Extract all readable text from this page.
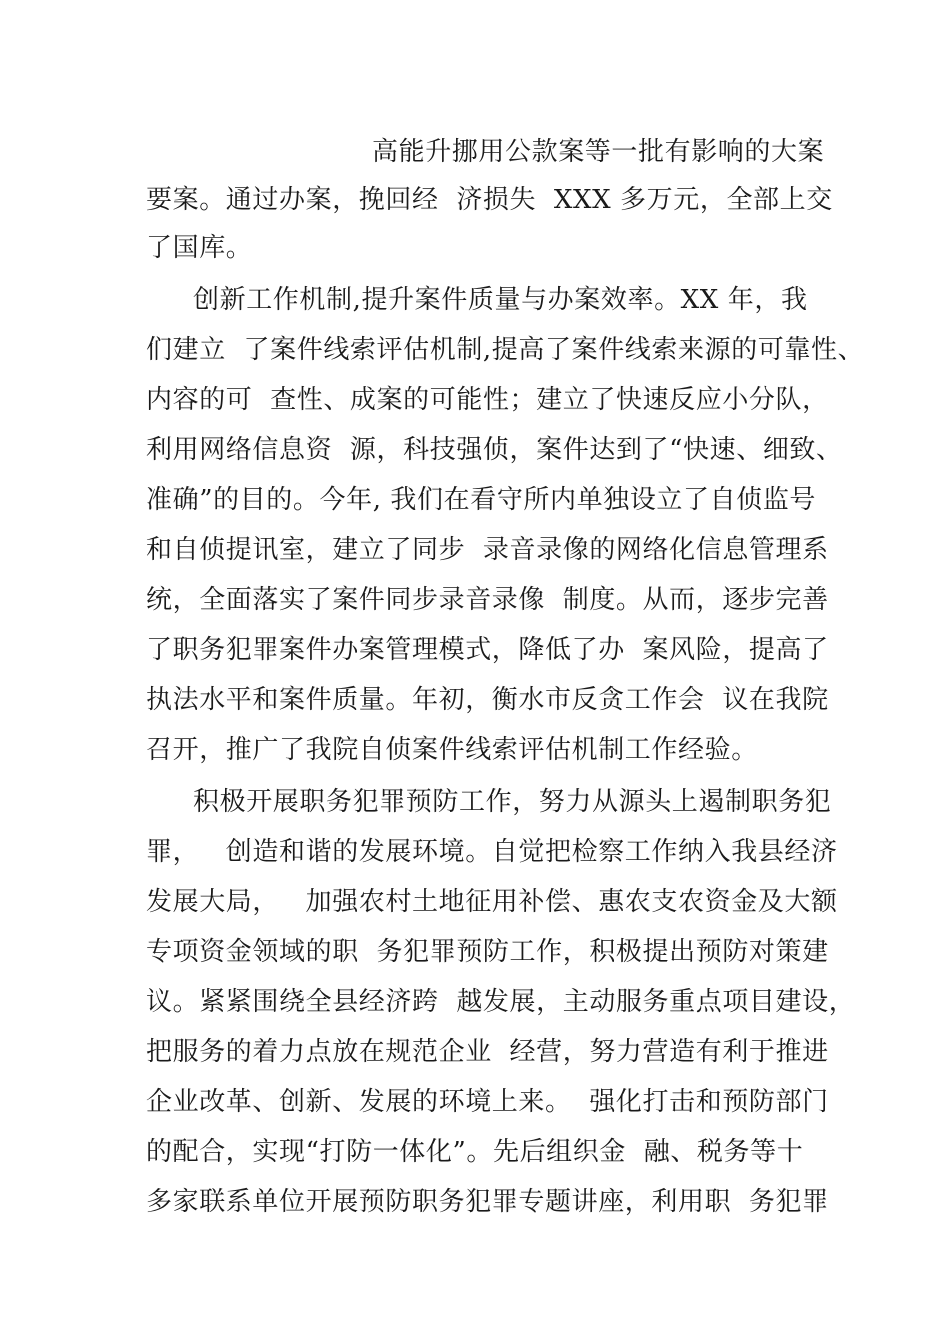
高能升挪用公款案等一批有影响的大案
要案。通过办案，挽回经  济损失  XXX 多万元，全部上交
了国库。
创新工作机制,提升案件质量与办案效率。XX 年，我
们建立  了案件线索评估机制,提高了案件线索来源的可靠性、
内容的可  查性、成案的可能性；建立了快速反应小分队，
利用网络信息资  源，科技强侦，案件达到了“快速、细致、
准确”的目的。今年, 我们在看守所内单独设立了自侦监号
和自侦提讯室，建立了同步  录音录像的网络化信息管理系
统，全面落实了案件同步录音录像  制度。从而，逐步完善
了职务犯罪案件办案管理模式，降低了办  案风险，提高了
执法水平和案件质量。年初，衡水市反贪工作会  议在我院
召开，推广了我院自侦案件线索评估机制工作经验。
积极开展职务犯罪预防工作，努力从源头上遏制职务犯
罪，   创造和谐的发展环境。自觉把检察工作纳入我县经济
发展大局，   加强农村土地征用补偿、惠农支农资金及大额
专项资金领域的职  务犯罪预防工作，积极提出预防对策建
议。紧紧围绕全县经济跨  越发展，主动服务重点项目建设，
把服务的着力点放在规范企业  经营，努力营造有利于推进
企业改革、创新、发展的环境上来。  强化打击和预防部门
的配合，实现“打防一体化”。先后组织金  融、税务等十
多家联系单位开展预防职务犯罪专题讲座，利用职  务犯罪
